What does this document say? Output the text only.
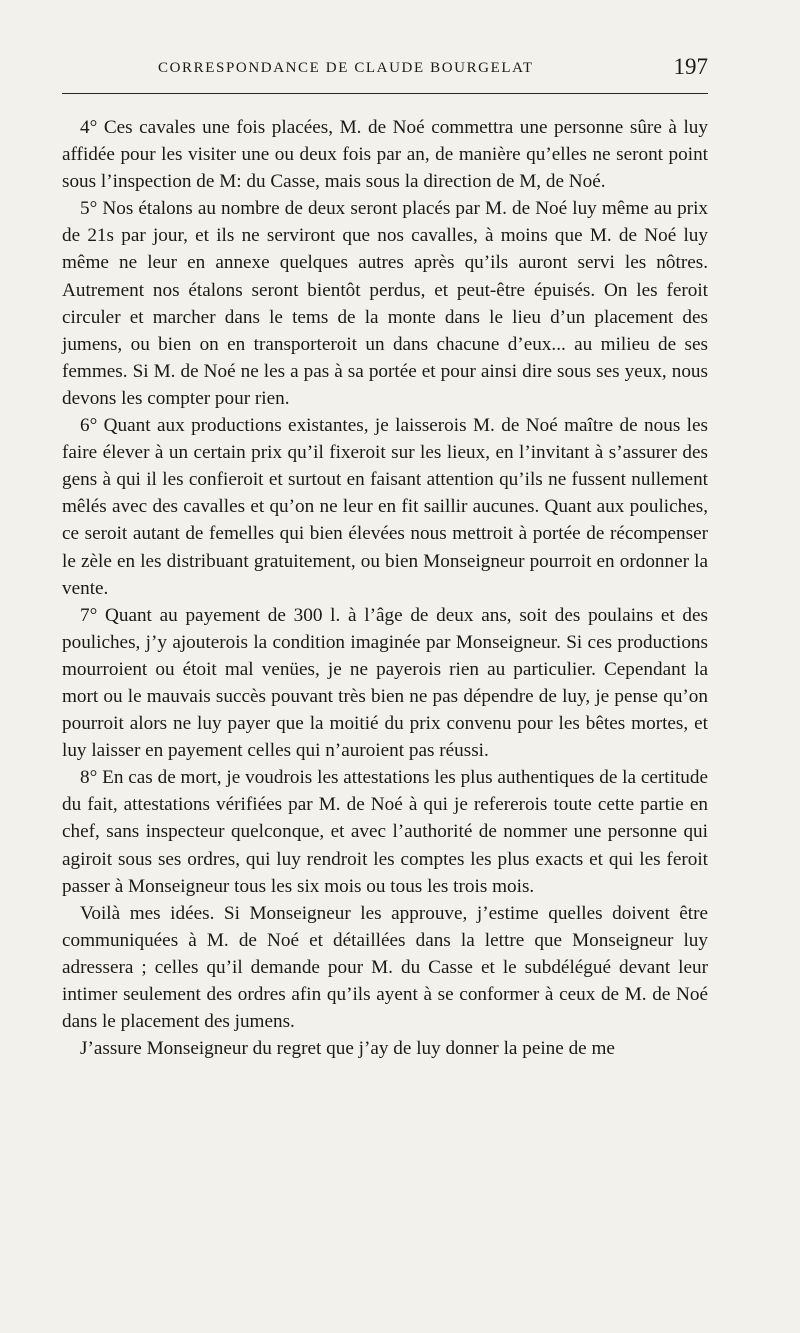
CORRESPONDANCE DE CLAUDE BOURGELAT	197

4° Ces cavales une fois placées, M. de Noé commettra une personne sûre à luy affidée pour les visiter une ou deux fois par an, de manière qu’elles ne seront point sous l’inspection de M: du Casse, mais sous la direction de M, de Noé.

5° Nos étalons au nombre de deux seront placés par M. de Noé luy même au prix de 21s par jour, et ils ne serviront que nos cavalles, à moins que M. de Noé luy même ne leur en annexe quelques autres après qu’ils auront servi les nôtres. Autrement nos étalons seront bientôt perdus, et peut-être épuisés. On les feroit circuler et marcher dans le tems de la monte dans le lieu d’un placement des jumens, ou bien on en transporteroit un dans chacune d’eux... au milieu de ses femmes. Si M. de Noé ne les a pas à sa portée et pour ainsi dire sous ses yeux, nous devons les compter pour rien.

6° Quant aux productions existantes, je laisserois M. de Noé maître de nous les faire élever à un certain prix qu’il fixeroit sur les lieux, en l’invitant à s’assurer des gens à qui il les confieroit et surtout en faisant attention qu’ils ne fussent nullement mêlés avec des cavalles et qu’on ne leur en fit saillir aucunes. Quant aux pouliches, ce seroit autant de femelles qui bien élevées nous mettroit à portée de récompenser le zèle en les distribuant gratuitement, ou bien Monseigneur pourroit en ordonner la vente.

7° Quant au payement de 300 l. à l’âge de deux ans, soit des poulains et des pouliches, j’y ajouterois la condition imaginée par Monseigneur. Si ces productions mourroient ou étoit mal venües, je ne payerois rien au particulier. Cependant la mort ou le mauvais succès pouvant très bien ne pas dépendre de luy, je pense qu’on pourroit alors ne luy payer que la moitié du prix convenu pour les bêtes mortes, et luy laisser en payement celles qui n’auroient pas réussi.

8° En cas de mort, je voudrois les attestations les plus authentiques de la certitude du fait, attestations vérifiées par M. de Noé à qui je refererois toute cette partie en chef, sans inspecteur quelconque, et avec l’authorité de nommer une personne qui agiroit sous ses ordres, qui luy rendroit les comptes les plus exacts et qui les feroit passer à Monseigneur tous les six mois ou tous les trois mois.

Voilà mes idées. Si Monseigneur les approuve, j’estime quelles doivent être communiquées à M. de Noé et détaillées dans la lettre que Monseigneur luy adressera ; celles qu’il demande pour M. du Casse et le subdélégué devant leur intimer seulement des ordres afin qu’ils ayent à se conformer à ceux de M. de Noé dans le placement des jumens.

J’assure Monseigneur du regret que j’ay de luy donner la peine de me
